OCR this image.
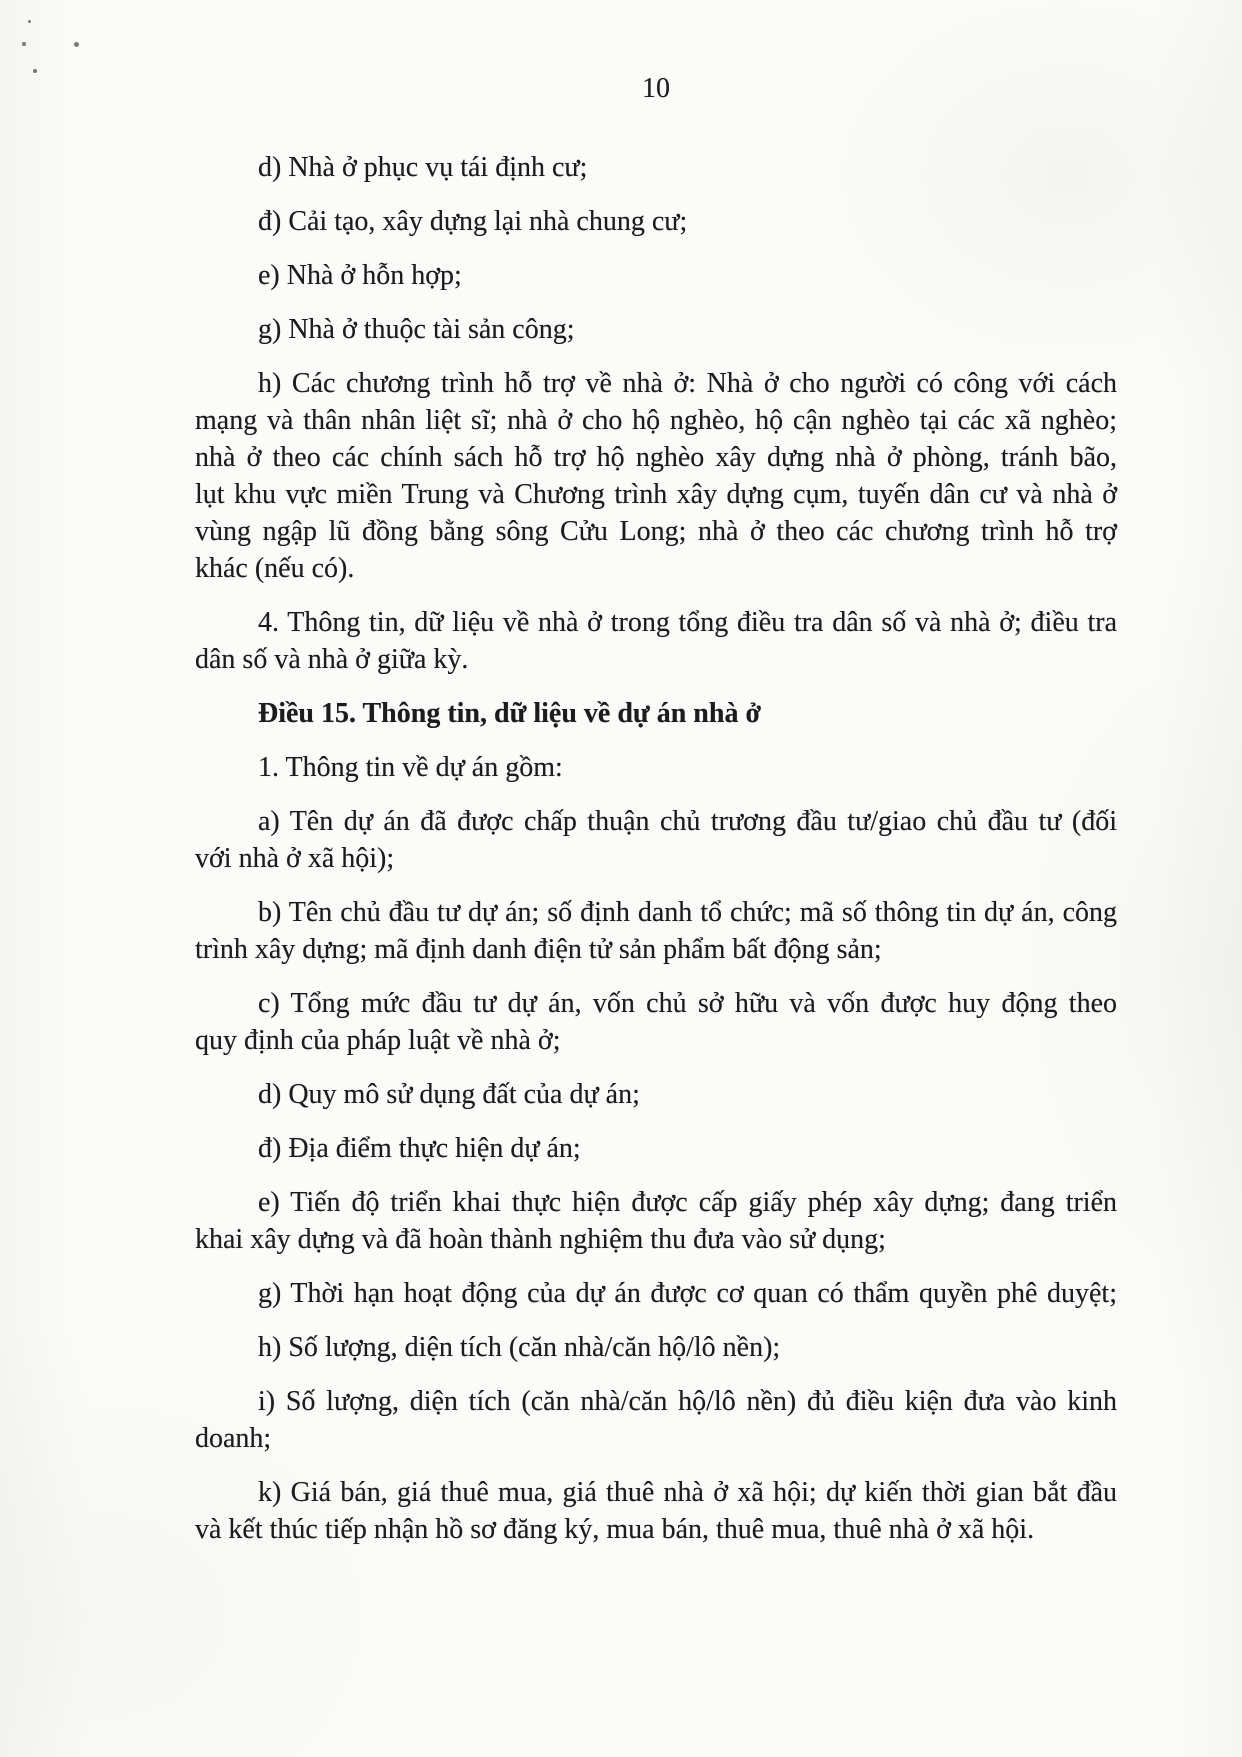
10

d) Nhà ở phục vụ tái định cư;

đ) Cải tạo, xây dựng lại nhà chung cư;

e) Nhà ở hỗn hợp;

g) Nhà ở thuộc tài sản công;

h) Các chương trình hỗ trợ về nhà ở: Nhà ở cho người có công với cách
mạng và thân nhân liệt sĩ; nhà ở cho hộ nghèo, hộ cận nghèo tại các xã nghèo;
nhà ở theo các chính sách hỗ trợ hộ nghèo xây dựng nhà ở phòng, tránh bão,
lụt khu vực miền Trung và Chương trình xây dựng cụm, tuyến dân cư và nhà ở
vùng ngập lũ đồng bằng sông Cửu Long; nhà ở theo các chương trình hỗ trợ
khác (nếu có).

4. Thông tin, dữ liệu về nhà ở trong tổng điều tra dân số và nhà ở; điều tra
dân số và nhà ở giữa kỳ.

Điều 15. Thông tin, dữ liệu về dự án nhà ở

1. Thông tin về dự án gồm:

a) Tên dự án đã được chấp thuận chủ trương đầu tư/giao chủ đầu tư (đối
với nhà ở xã hội);

b) Tên chủ đầu tư dự án; số định danh tổ chức; mã số thông tin dự án, công
trình xây dựng; mã định danh điện tử sản phẩm bất động sản;

c) Tổng mức đầu tư dự án, vốn chủ sở hữu và vốn được huy động theo
quy định của pháp luật về nhà ở;

d) Quy mô sử dụng đất của dự án;

đ) Địa điểm thực hiện dự án;

e) Tiến độ triển khai thực hiện được cấp giấy phép xây dựng; đang triển
khai xây dựng và đã hoàn thành nghiệm thu đưa vào sử dụng;

g) Thời hạn hoạt động của dự án được cơ quan có thẩm quyền phê duyệt;

h) Số lượng, diện tích (căn nhà/căn hộ/lô nền);

i) Số lượng, diện tích (căn nhà/căn hộ/lô nền) đủ điều kiện đưa vào kinh
doanh;

k) Giá bán, giá thuê mua, giá thuê nhà ở xã hội; dự kiến thời gian bắt đầu
và kết thúc tiếp nhận hồ sơ đăng ký, mua bán, thuê mua, thuê nhà ở xã hội.
